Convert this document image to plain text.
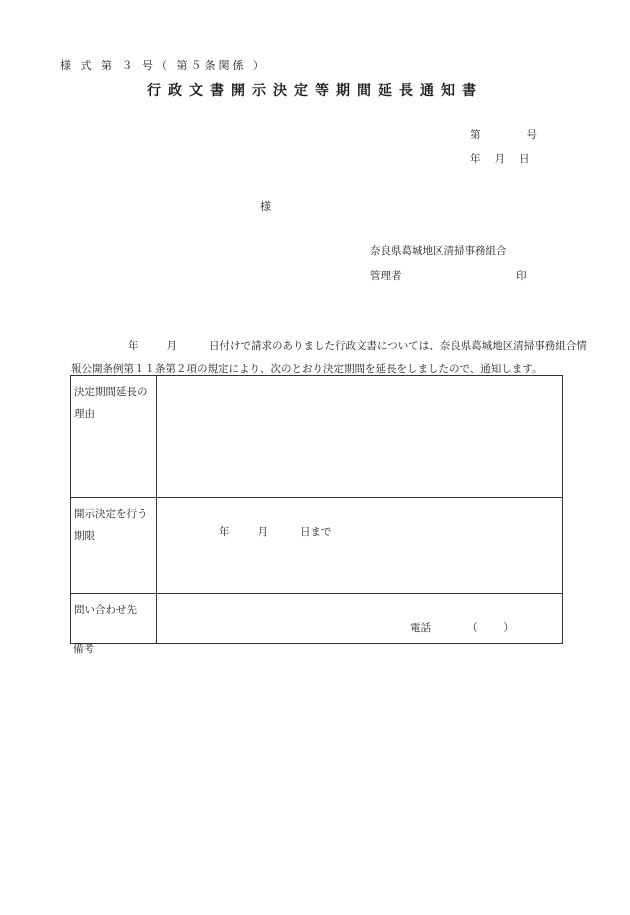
様 式 第 ３ 号（ 第５条関係 ）
行政文書開示決定等期間延長通知書
第	号
年 月 日
様
奈良県葛城地区清掃事務組合
管理者	印
年	月	日付けで請求のありました行政文書については、奈良県葛城地区清掃事務組合情
報公開条例第１１条第２項の規定により、次のとおり決定期間を延長をしましたので、通知します。
決定期間延長の
理由	
開示決定を行う
期限	年 月 日まで

問い合わせ先	電話 （ ）
備考
